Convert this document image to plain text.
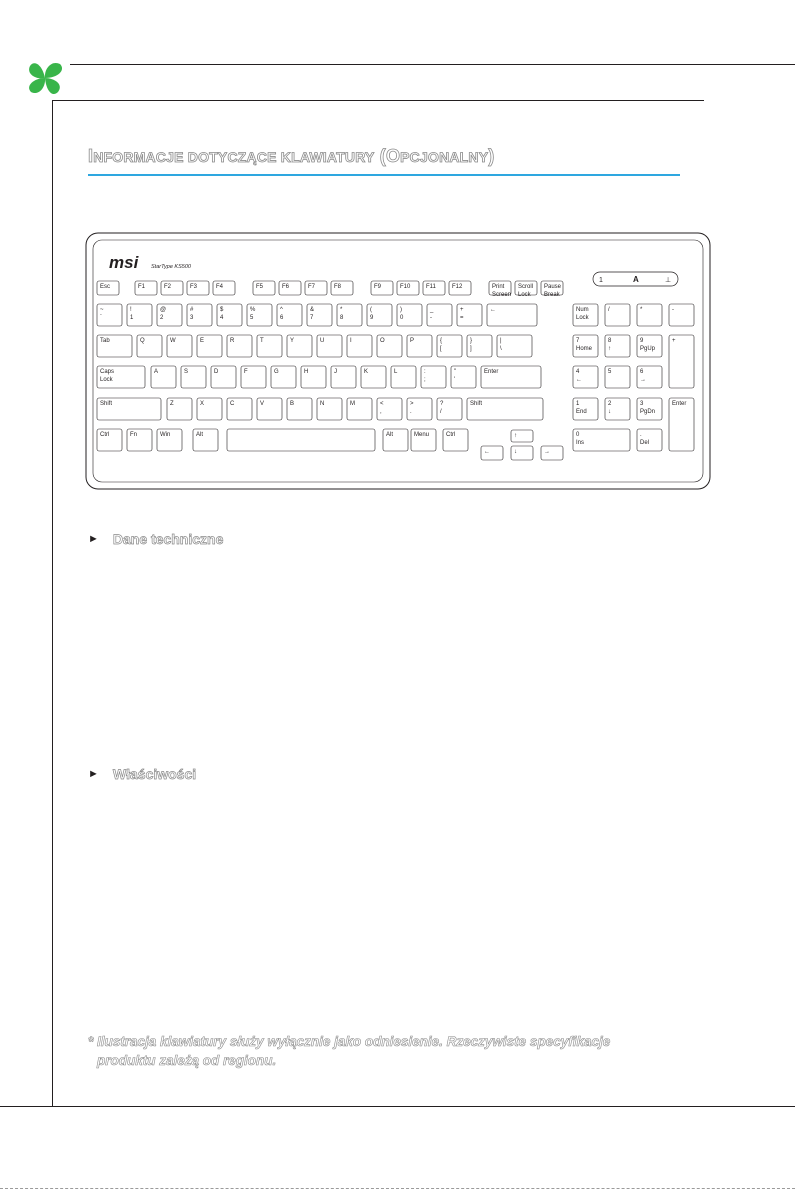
INFORMACJE DOTYCZĄCE KLAWIATURY (OPCJONALNY)
msi StarType KS500
1	A	⊥
Esc	F1	F2	F3	F4	F5	F6	F7	F8	F9	F10	F11	F12	Print
Screen
Scroll
Lock
Pause
Break
~
`
!
1
@
2
#
3
$
4
%
5
^
6
&
7
*
8
(
9
)
0
_
-
+
=
←
Tab	Q	W	E	R	T	Y	U	I	O	P	{
[
}
]
|
\
Caps
Lock
A	S	D	F	G	H	J	K	L	:
;
"
'
Enter
Shift	Z	X	C	V	B	N	M	<
,
>
.
?
/
Shift
Ctrl	Fn	Win	Alt	Alt	Menu	Ctrl	↑
←	↓	→
Num
Lock
/	*	-
7
Home
8
↑
9
PgUp
+
4
←
5	6
→
1
End
2
↓
3
PgDn
Enter
0
Ins
.
Del
► Dane techniczne
► Właściwości
* Ilustracja klawiatury służy wyłącznie jako odniesienie. Rzeczywiste specyfikacje
produktu zależą od regionu.
